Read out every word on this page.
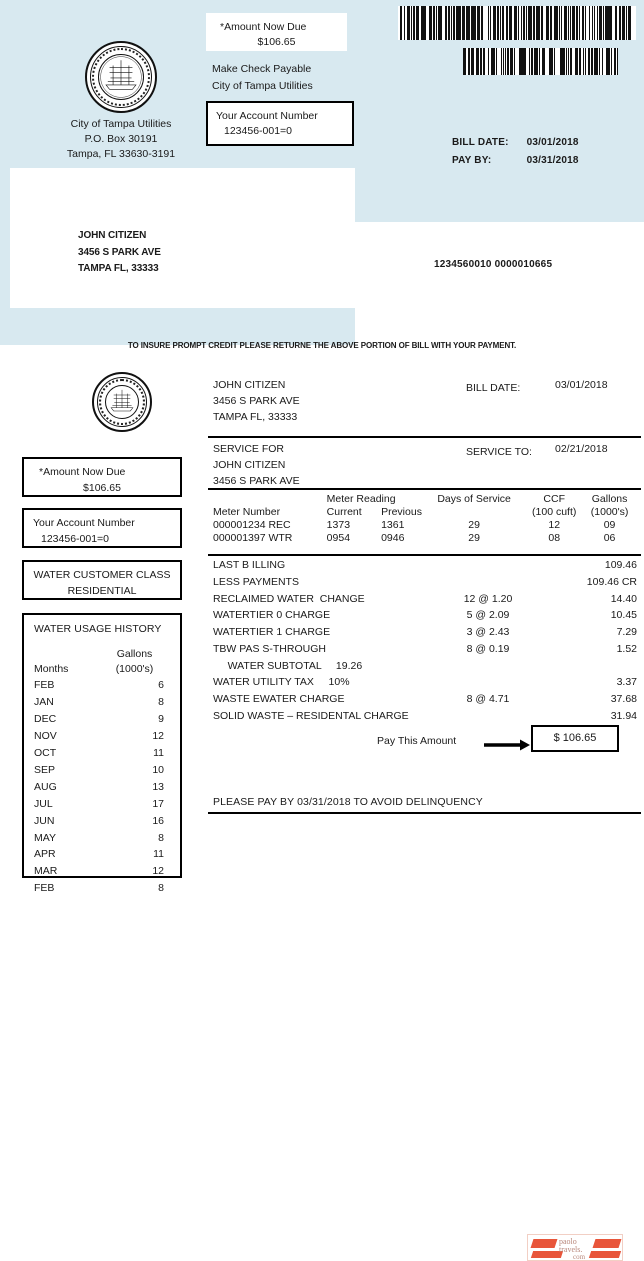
City of Tampa Utilities
P.O. Box 30191
Tampa, FL 33630-3191
*Amount Now Due
$106.65
Make Check Payable
City of Tampa Utilities
Your Account Number
123456-001=0
BILL DATE:	03/01/2018
PAY BY:	03/31/2018
JOHN CITIZEN
3456 S PARK AVE
TAMPA FL, 33333	1234560010 0000010665
TO INSURE PROMPT CREDIT PLEASE RETURNE THE ABOVE PORTION OF BILL WITH YOUR PAYMENT.
*Amount Now Due
$106.65
Your Account Number
123456-001=0
WATER CUSTOMER CLASS
RESIDENTIAL
WATER USAGE HISTORY
	Gallons
Months	(1000's)
FEB	6
JAN	8
DEC	9
NOV	12
OCT	11
SEP	10
AUG	13
JUL	17
JUN	16
MAY	8
APR	11
MAR	12
FEB	8
JOHN CITIZEN
3456 S PARK AVE
TAMPA FL, 33333
BILL DATE:	03/01/2018
SERVICE FOR
JOHN CITIZEN
3456 S PARK AVE
SERVICE TO: 02/21/2018
	Meter Reading		Days of Service	CCF	Gallons
Meter Number	Current	Previous		(100 cuft)	(1000's)
000001234 REC	1373	1361	29	12	09
000001397 WTR	0954	0946	29	08	06
LAST B ILLING		109.46
LESS PAYMENTS		109.46 CR
RECLAIMED WATER  CHANGE	12 @ 1.20	14.40
WATERTIER 0 CHARGE	5 @ 2.09	10.45
WATERTIER 1 CHARGE	3 @ 2.43	7.29
TBW PAS S-THROUGH	8 @ 0.19	1.52
WATER SUBTOTAL     19.26		
WATER UTILITY TAX     10%		3.37
WASTE EWATER CHARGE	8 @ 4.71	37.68
SOLID WASTE – RESIDENTAL CHARGE		31.94
Pay This Amount	$ 106.65
PLEASE PAY BY 03/31/2018 TO AVOID DELINQUENCY
paolo
travels.
com
